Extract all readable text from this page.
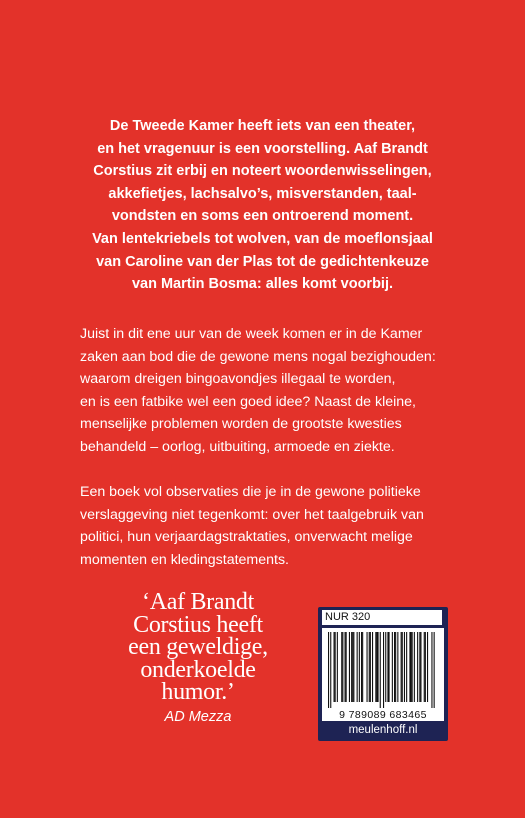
De Tweede Kamer heeft iets van een theater,
en het vragenuur is een voorstelling. Aaf Brandt
Corstius zit erbij en noteert woordenwisselingen,
akkefietjes, lachsalvo’s, misverstanden, taal-
vondsten en soms een ontroerend moment.
Van lentekriebels tot wolven, van de moeflonsjaal
van Caroline van der Plas tot de gedichtenkeuze
van Martin Bosma: alles komt voorbij.
Juist in dit ene uur van de week komen er in de Kamer
zaken aan bod die de gewone mens nogal bezighouden:
waarom dreigen bingoavondjes illegaal te worden,
en is een fatbike wel een goed idee? Naast de kleine,
menselijke problemen worden de grootste kwesties
behandeld – oorlog, uitbuiting, armoede en ziekte.
Een boek vol observaties die je in de gewone politieke
verslaggeving niet tegenkomt: over het taalgebruik van
politici, hun verjaardagstraktaties, onverwacht melige
momenten en kledingstatements.
‘Aaf Brandt
Corstius heeft
een geweldige,
onderkoelde
humor.’
AD Mezza
NUR 320
9 789089 683465
meulenhoff.nl
